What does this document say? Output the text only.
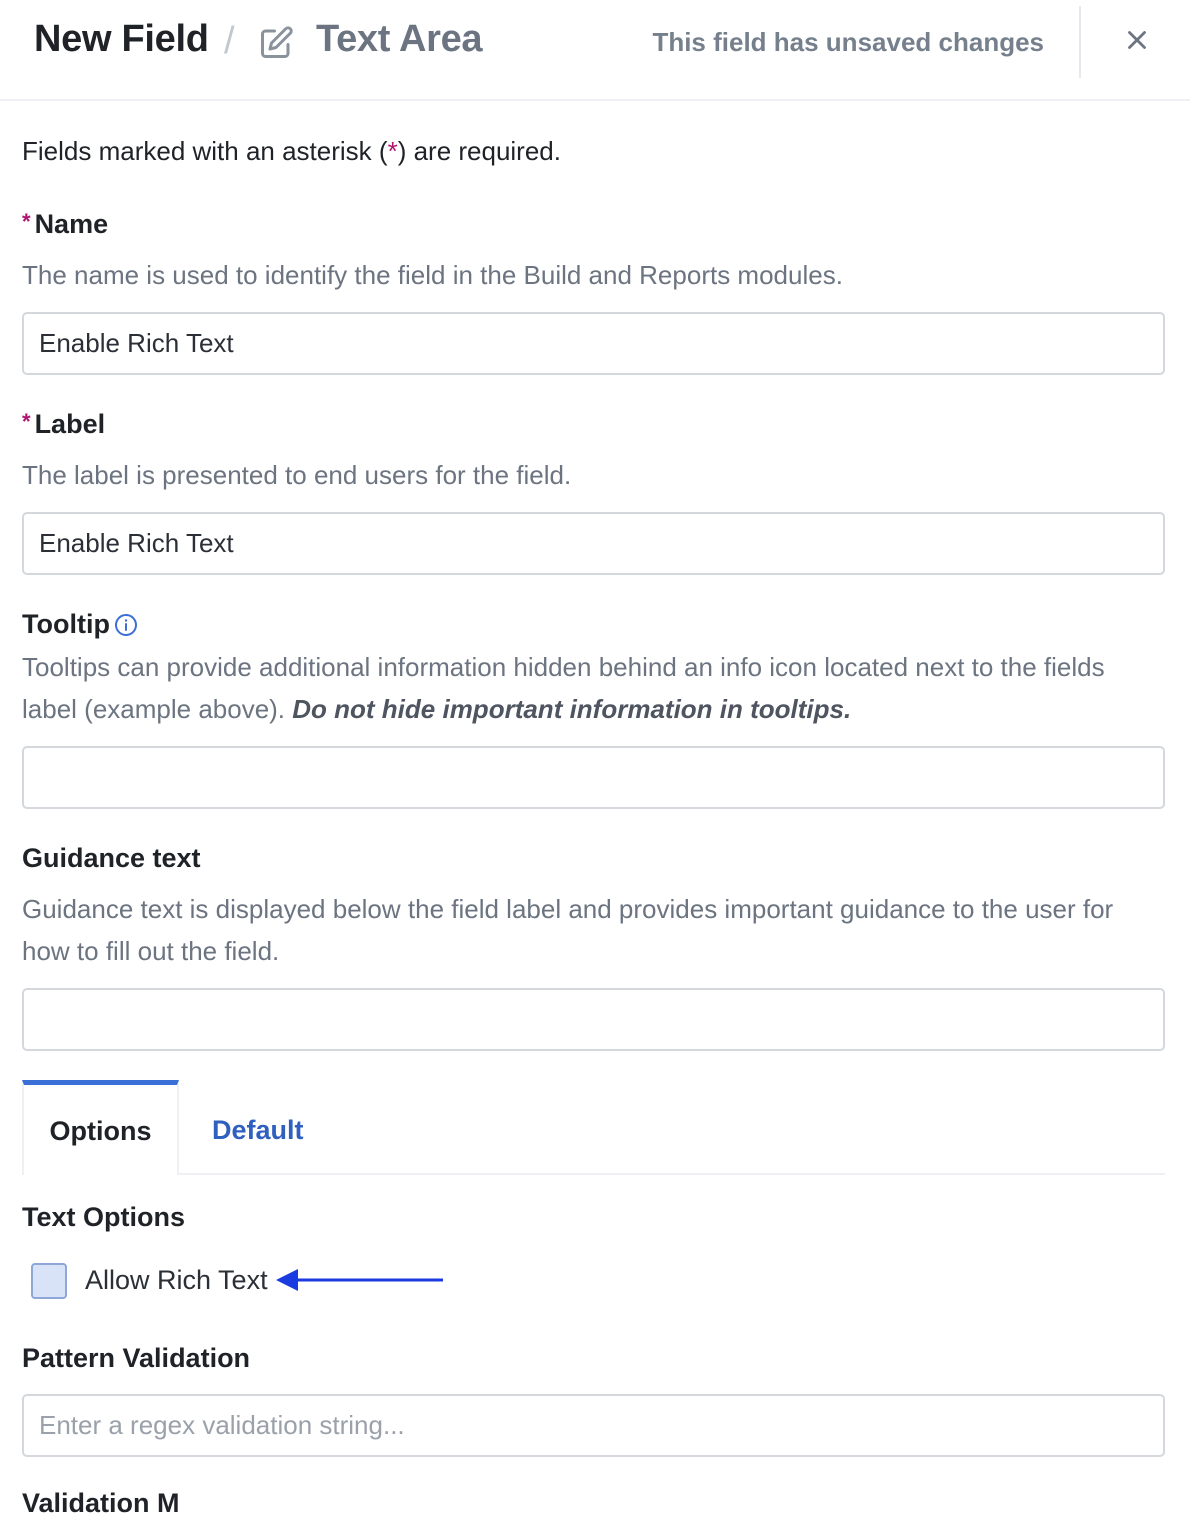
New Field / Text Area	This field has unsaved changes
Fields marked with an asterisk (*) are required.
* Name
The name is used to identify the field in the Build and Reports modules.
Enable Rich Text
* Label
The label is presented to end users for the field.
Enable Rich Text
Tooltip
Tooltips can provide additional information hidden behind an info icon located next to the fields label (example above). Do not hide important information in tooltips.
Guidance text
Guidance text is displayed below the field label and provides important guidance to the user for how to fill out the field.
Options	Default
Text Options
Allow Rich Text
Pattern Validation
Enter a regex validation string...
Validation M
